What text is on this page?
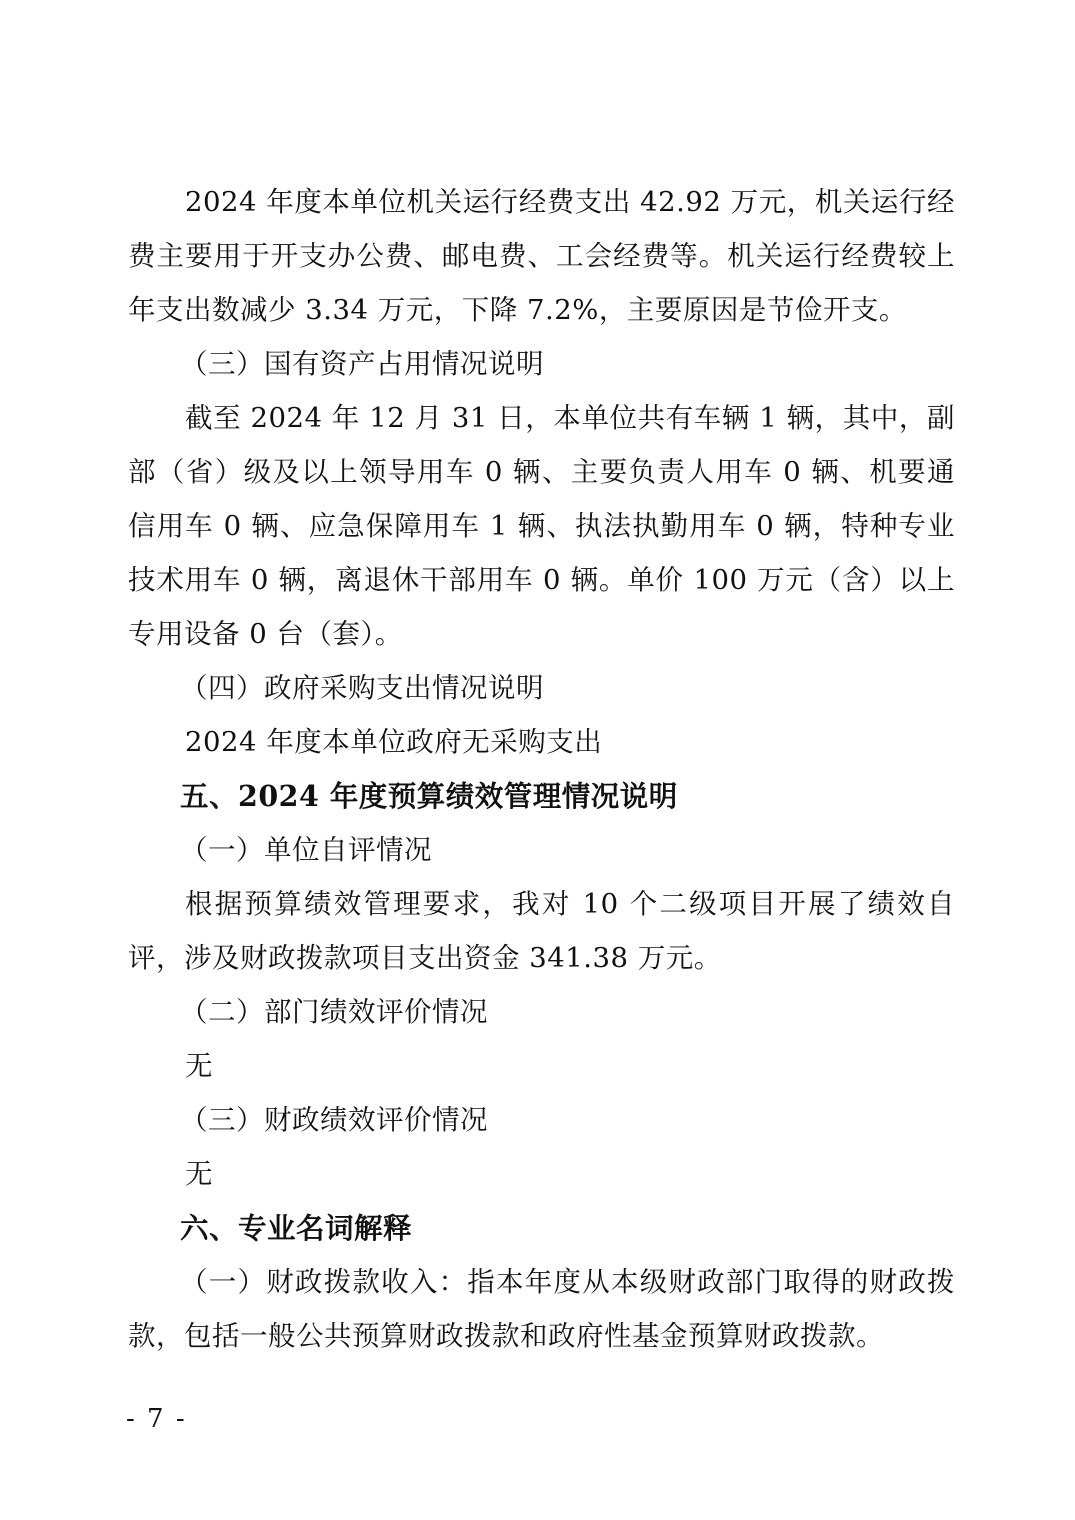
2024 年度本单位机关运行经费支出 42.92 万元，机关运行经费主要用于开支办公费、邮电费、工会经费等。机关运行经费较上年支出数减少 3.34 万元，下降 7.2%，主要原因是节俭开支。

（三）国有资产占用情况说明

截至 2024 年 12 月 31 日，本单位共有车辆 1 辆，其中，副部（省）级及以上领导用车 0 辆、主要负责人用车 0 辆、机要通信用车 0 辆、应急保障用车 1 辆、执法执勤用车 0 辆，特种专业技术用车 0 辆，离退休干部用车 0 辆。单价 100 万元（含）以上专用设备 0 台（套）。

（四）政府采购支出情况说明

2024 年度本单位政府无采购支出

五、2024 年度预算绩效管理情况说明

（一）单位自评情况

根据预算绩效管理要求，我对 10 个二级项目开展了绩效自评，涉及财政拨款项目支出资金 341.38 万元。

（二）部门绩效评价情况

无

（三）财政绩效评价情况

无

六、专业名词解释

（一）财政拨款收入：指本年度从本级财政部门取得的财政拨款，包括一般公共预算财政拨款和政府性基金预算财政拨款。

- 7 -
